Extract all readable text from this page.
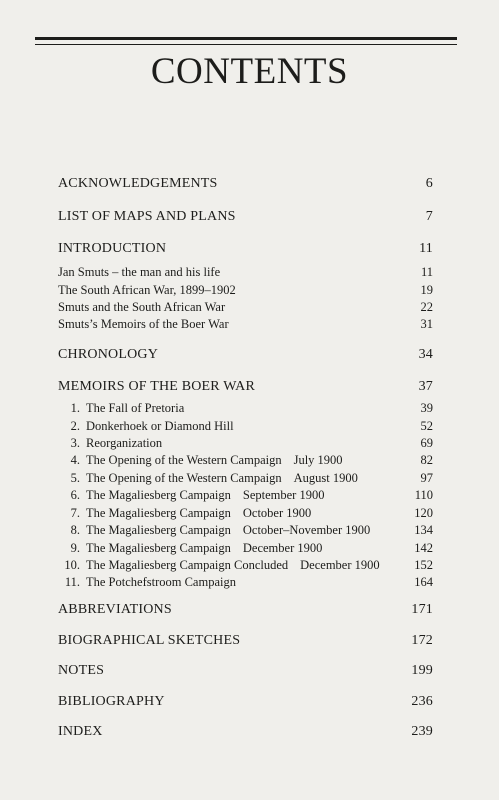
CONTENTS
ACKNOWLEDGEMENTS	6
LIST OF MAPS AND PLANS	7
INTRODUCTION	11
Jan Smuts – the man and his life	11
The South African War, 1899–1902	19
Smuts and the South African War	22
Smuts’s Memoirs of the Boer War	31
CHRONOLOGY	34
MEMOIRS OF THE BOER WAR	37
1. The Fall of Pretoria	39
2. Donkerhoek or Diamond Hill	52
3. Reorganization	69
4. The Opening of the Western Campaign July 1900	82
5. The Opening of the Western Campaign August 1900	97
6. The Magaliesberg Campaign September 1900	110
7. The Magaliesberg Campaign October 1900	120
8. The Magaliesberg Campaign October–November 1900	134
9. The Magaliesberg Campaign December 1900	142
10. The Magaliesberg Campaign Concluded December 1900	152
11. The Potchefstroom Campaign	164
ABBREVIATIONS	171
BIOGRAPHICAL SKETCHES	172
NOTES	199
BIBLIOGRAPHY	236
INDEX	239
